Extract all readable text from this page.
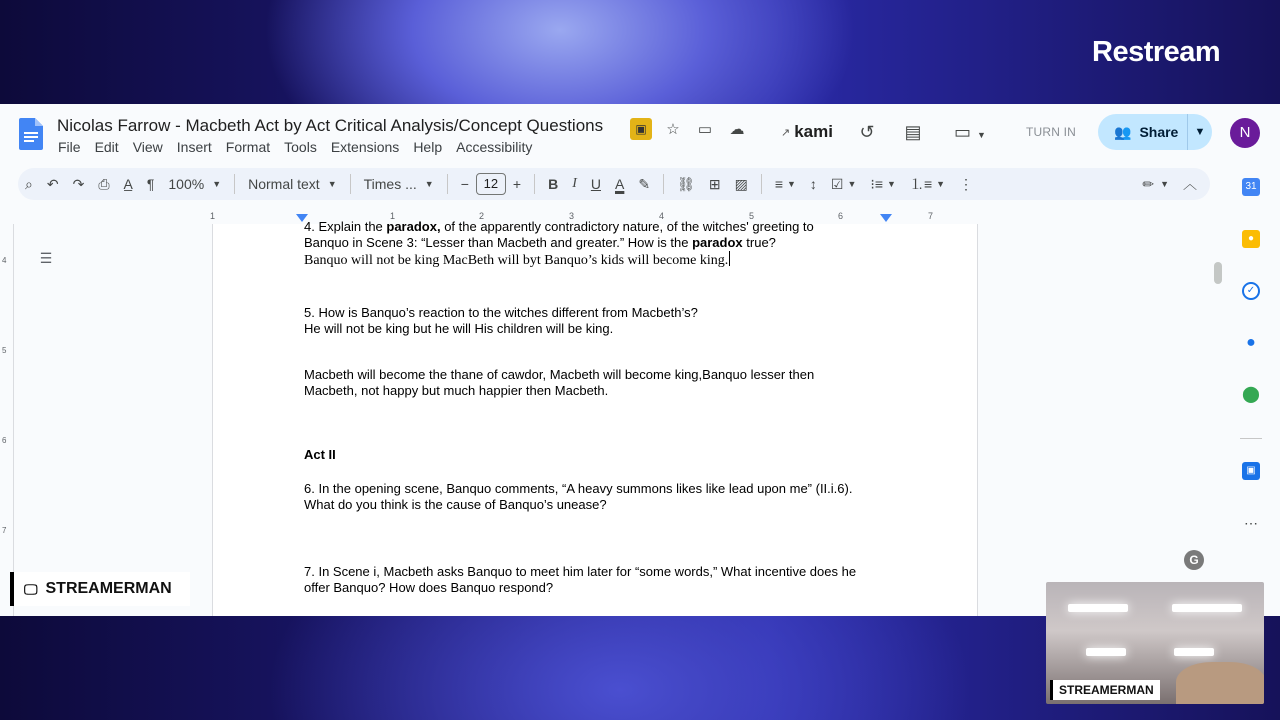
Restream
Nicolas Farrow - Macbeth Act by Act Critical Analysis/Concept Questions	▣	☆ ▭ ☁
File Edit View Insert Format Tools Extensions Help Accessibility
↗ kami ↺ ▤ ▭ ▼	TURN IN	👥 Share	▼	N
⌕	↶	↷	⎙	A̲	¶	100% ▼ Normal text ▼ Times ... ▼	−	12	+	B	I	U	A	✎	⛓	⊞	▨	≡ ▼	↕	☑ ▼	⁝≡ ▼	⒈≡ ▼	⋮	✏ ▼	︿
1	1	2	3	4	5	6	7
4
5
6
7
☰

4. Explain the paradox, of the apparently contradictory nature, of the witches' greeting to

Banquo in Scene 3: “Lesser than Macbeth and greater.” How is the paradox true?

Banquo will not be king MacBeth will byt Banquo’s kids will become king.

5. How is Banquo’s reaction to the witches different from Macbeth’s?

He will not be king but he will His children will be king.

Macbeth will become the thane of cawdor, Macbeth will become king,Banquo lesser then

Macbeth, not happy but much happier then Macbeth.

Act II

6. In the opening scene, Banquo comments, “A heavy summons likes like lead upon me” (II.i.6).

What do you think is the cause of Banquo’s unease?

7. In Scene i, Macbeth asks Banquo to meet him later for “some words,” What incentive does he

offer Banquo? How does Banquo respond?

G
31
●
✓
●
⬤
▣
⋯
🖵 STREAMERMAN
STREAMERMAN
